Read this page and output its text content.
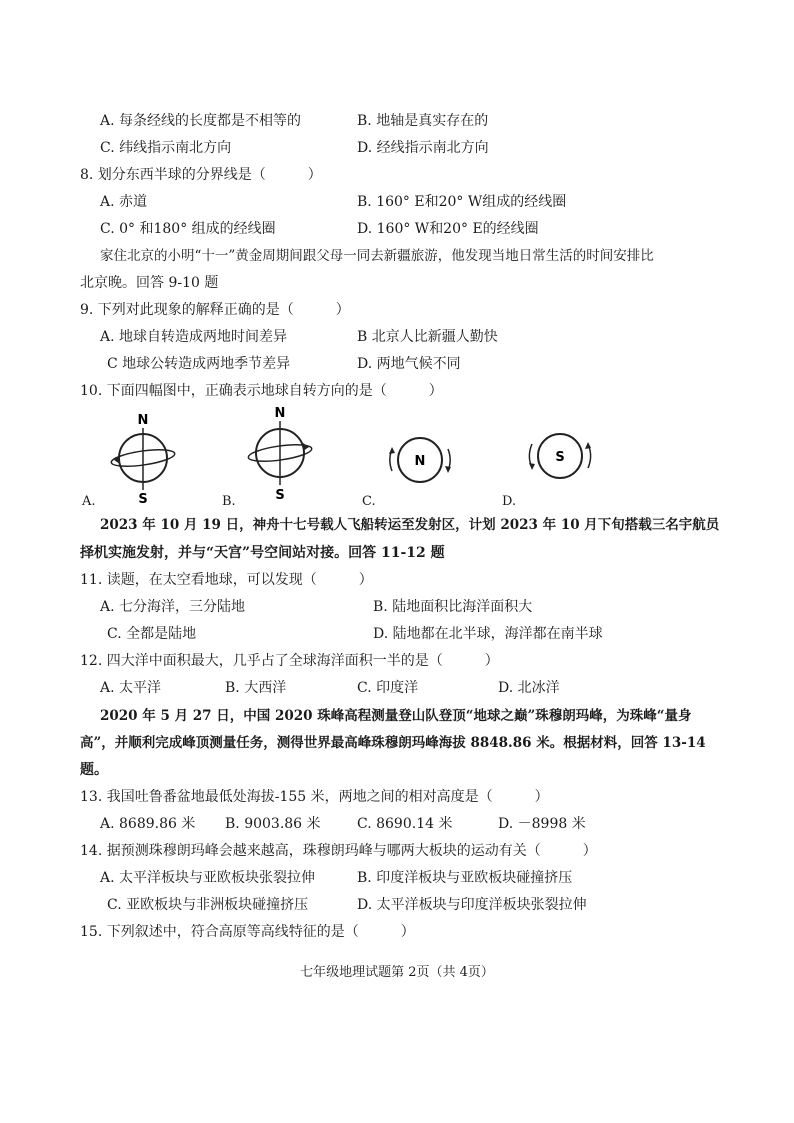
A. 每条经线的长度都是不相等的	B. 地轴是真实存在的
C. 纬线指示南北方向	D. 经线指示南北方向
8. 划分东西半球的分界线是（　　　）
A. 赤道	B. 160° E和20° W组成的经线圈
C. 0° 和180° 组成的经线圈	D. 160° W和20° E的经线圈
家住北京的小明“十一”黄金周期间跟父母一同去新疆旅游，他发现当地日常生活的时间安排比
北京晚。回答 9-10 题
9. 下列对此现象的解释正确的是（　　　）
A. 地球自转造成两地时间差异	B 北京人比新疆人勤快
C 地球公转造成两地季节差异	D. 两地气候不同
10. 下面四幅图中，正确表示地球自转方向的是（　　　）
N
S
A.
N
S
B.
N
C.
S
D.
2023 年 10 月 19 日，神舟十七号载人飞船转运至发射区，计划 2023 年 10 月下旬搭载三名宇航员
择机实施发射，并与“天宫”号空间站对接。回答 11-12 题
11. 读题，在太空看地球，可以发现（　　　）
A. 七分海洋，三分陆地	B. 陆地面积比海洋面积大
C. 全都是陆地	D. 陆地都在北半球，海洋都在南半球
12. 四大洋中面积最大，几乎占了全球海洋面积一半的是（　　　）
A. 太平洋	B. 大西洋	C. 印度洋	D. 北冰洋
2020 年 5 月 27 日，中国 2020 珠峰高程测量登山队登顶“地球之巅”珠穆朗玛峰，为珠峰“量身
高”，并顺利完成峰顶测量任务，测得世界最高峰珠穆朗玛峰海拔 8848.86 米。根据材料，回答 13-14
题。
13. 我国吐鲁番盆地最低处海拔-155 米，两地之间的相对高度是（　　　）
A. 8689.86 米 B. 9003.86 米	C. 8690.14 米	D. －8998 米
14. 据预测珠穆朗玛峰会越来越高，珠穆朗玛峰与哪两大板块的运动有关（　　　）
A. 太平洋板块与亚欧板块张裂拉伸	B. 印度洋板块与亚欧板块碰撞挤压
C. 亚欧板块与非洲板块碰撞挤压	D. 太平洋板块与印度洋板块张裂拉伸
15. 下列叙述中，符合高原等高线特征的是（　　　）
七年级地理试题第 2页（共 4页）
